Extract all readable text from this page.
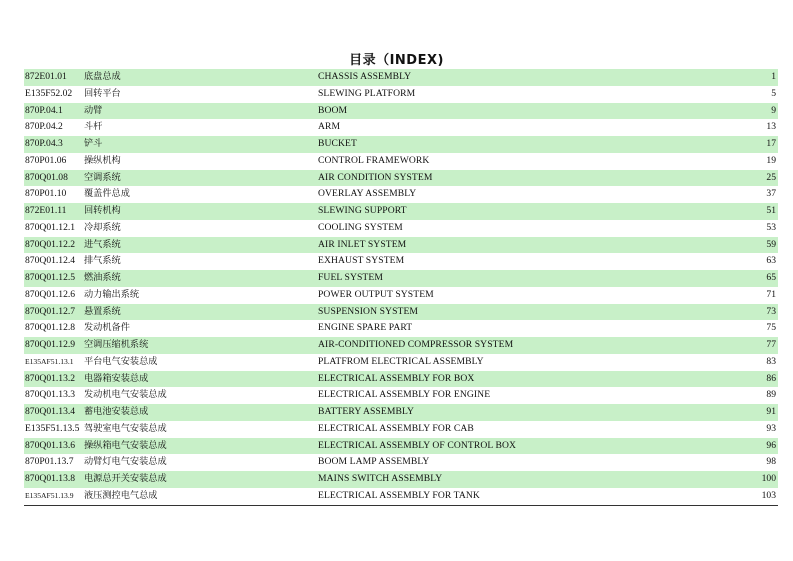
目录（INDEX)
872E01.01	底盘总成	CHASSIS ASSEMBLY	1
E135F52.02	回转平台	SLEWING PLATFORM	5
870P.04.1	动臂	BOOM	9
870P.04.2	斗杆	ARM	13
870P.04.3	铲斗	BUCKET	17
870P01.06	操纵机构	CONTROL FRAMEWORK	19
870Q01.08	空调系统	AIR CONDITION SYSTEM	25
870P01.10	覆盖件总成	OVERLAY ASSEMBLY	37
872E01.11	回转机构	SLEWING SUPPORT	51
870Q01.12.1 冷却系统	COOLING SYSTEM	53
870Q01.12.2 进气系统	AIR INLET SYSTEM	59
870Q01.12.4 排气系统	EXHAUST SYSTEM	63
870Q01.12.5 燃油系统	FUEL SYSTEM	65
870Q01.12.6 动力输出系统	POWER OUTPUT SYSTEM	71
870Q01.12.7 悬置系统	SUSPENSION SYSTEM	73
870Q01.12.8 发动机备件	ENGINE SPARE PART	75
870Q01.12.9 空调压缩机系统	AIR-CONDITIONED COMPRESSOR SYSTEM	77
E135AF51.13.1	平台电气安装总成	PLATFROM ELECTRICAL ASSEMBLY	83
870Q01.13.2 电器箱安装总成	ELECTRICAL ASSEMBLY FOR BOX	86
870Q01.13.3 发动机电气安装总成	ELECTRICAL ASSEMBLY FOR ENGINE	89
870Q01.13.4 蓄电池安装总成	BATTERY ASSEMBLY	91
E135F51.13.5 驾驶室电气安装总成	ELECTRICAL ASSEMBLY FOR CAB	93
870Q01.13.6 操纵箱电气安装总成	ELECTRICAL ASSEMBLY OF CONTROL BOX	96
870P01.13.7	动臂灯电气安装总成	BOOM LAMP ASSEMBLY	98
870Q01.13.8 电源总开关安装总成	MAINS SWITCH ASSEMBLY	100
E135AF51.13.9	液压测控电气总成	ELECTRICAL ASSEMBLY FOR TANK	103
